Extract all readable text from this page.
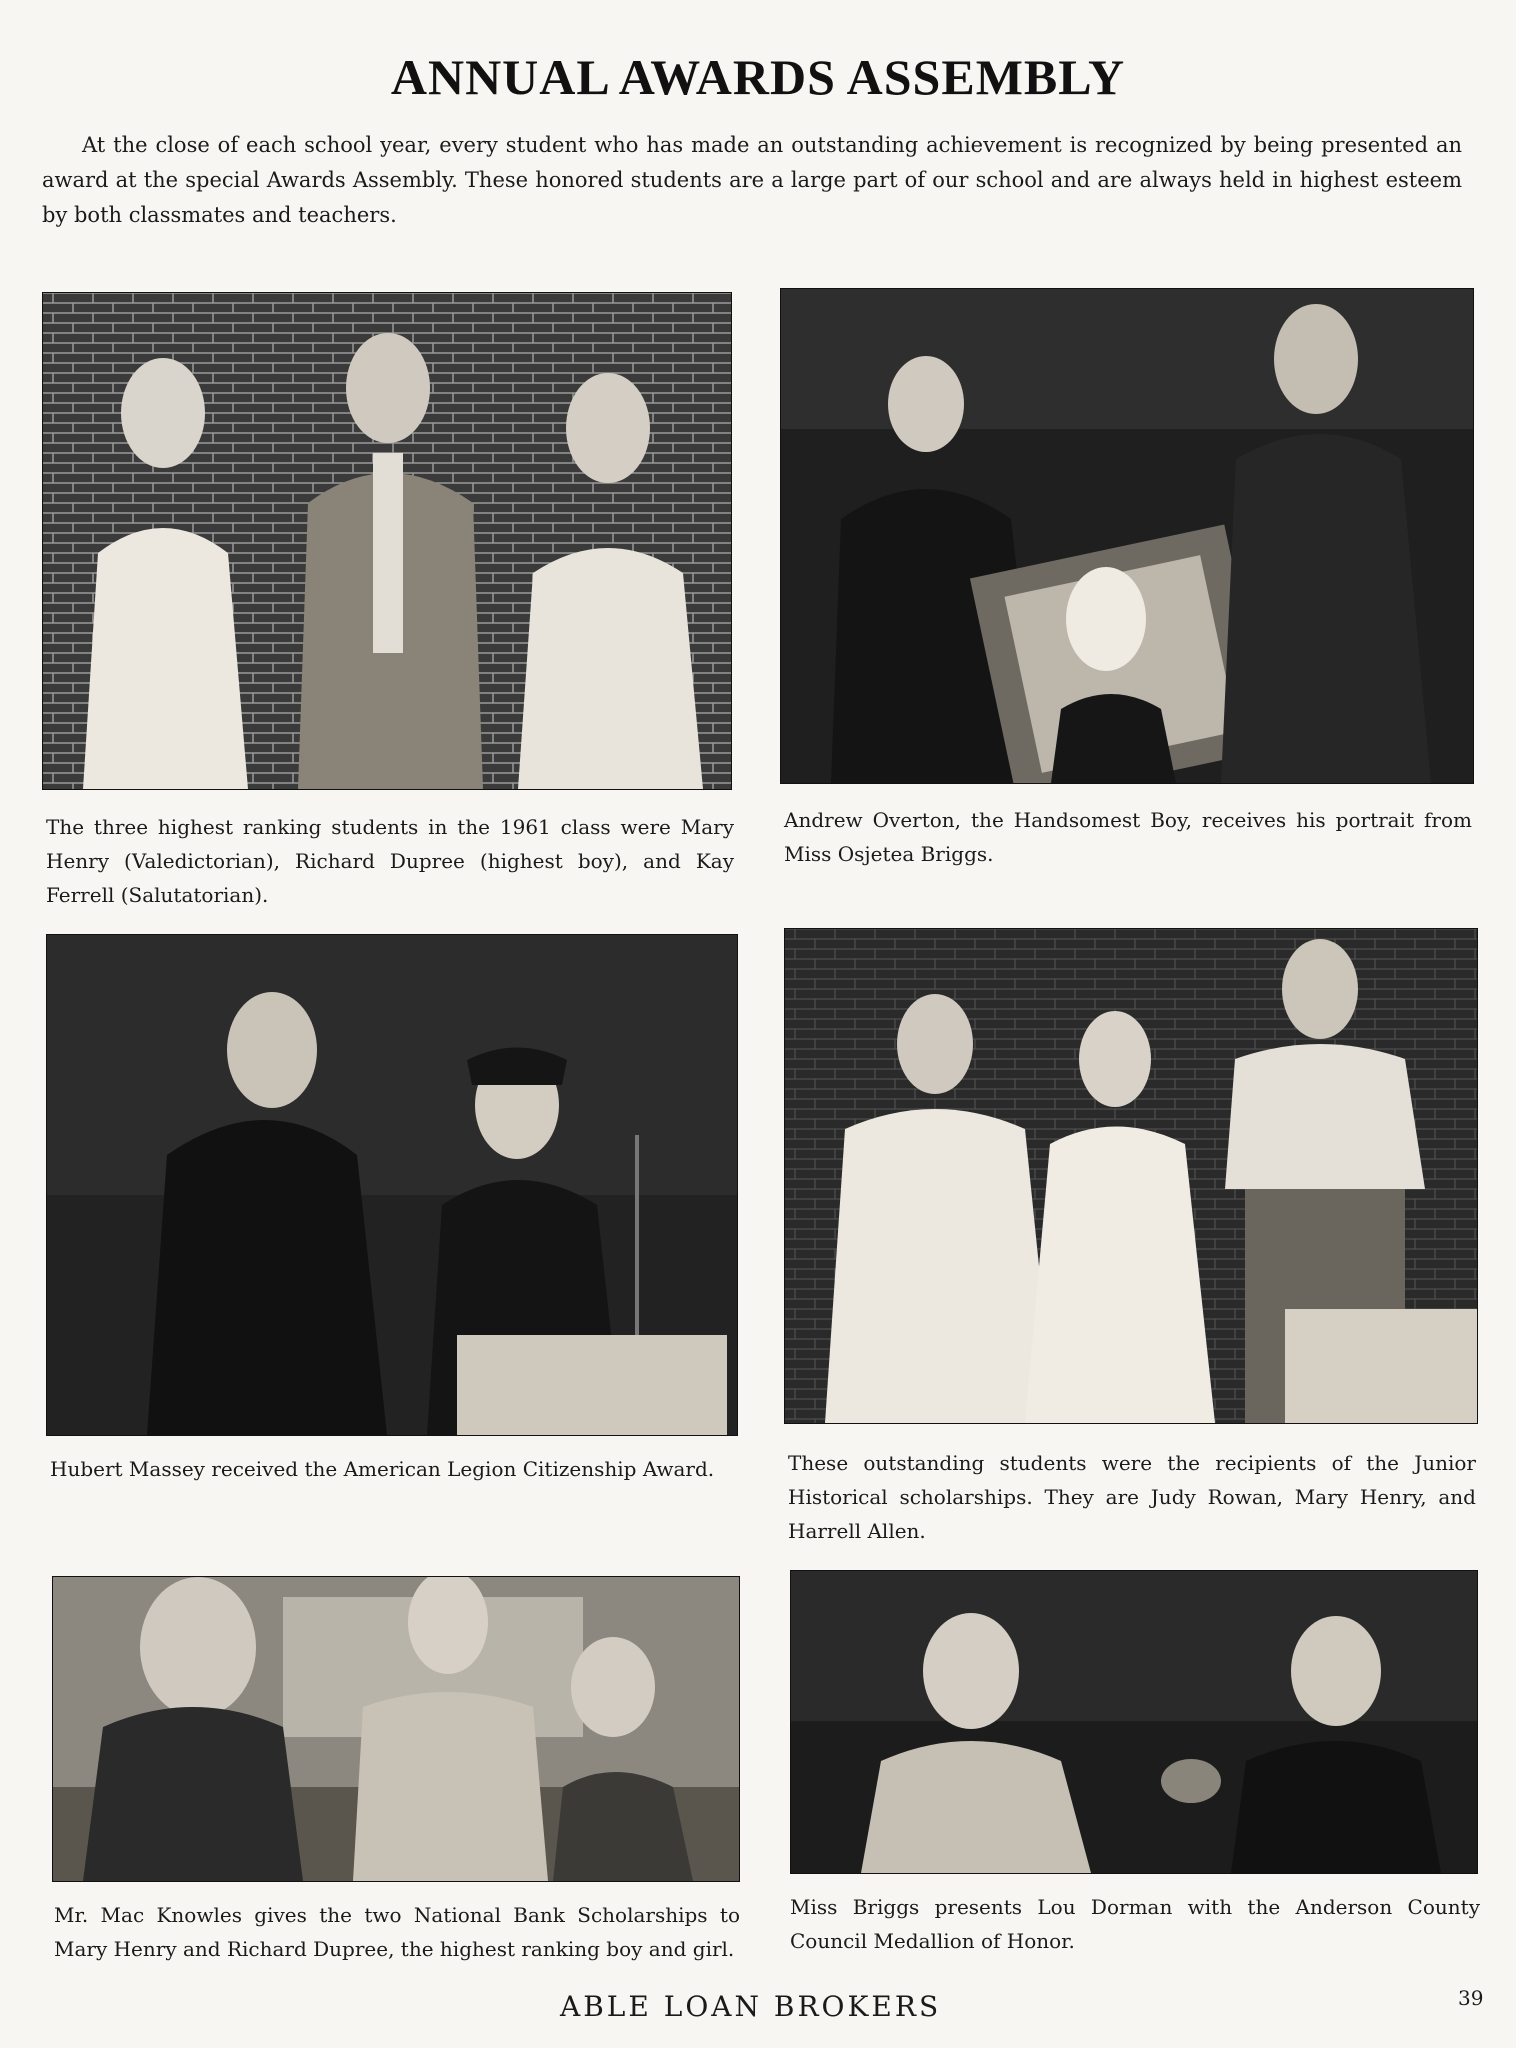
ANNUAL AWARDS ASSEMBLY
At the close of each school year, every student who has made an outstanding achievement is recognized by being presented an award at the special Awards Assembly. These honored students are a large part of our school and are always held in highest esteem by both classmates and teachers.
The three highest ranking students in the 1961 class were Mary Henry (Valedictorian), Richard Dupree (highest boy), and Kay Ferrell (Salutatorian).
Andrew Overton, the Handsomest Boy, receives his portrait from Miss Osjetea Briggs.
Hubert Massey received the American Legion Citizenship Award.	These outstanding students were the recipients of the Junior Historical scholarships. They are Judy Rowan, Mary Henry, and Harrell Allen.
Mr. Mac Knowles gives the two National Bank Scholarships to Mary Henry and Richard Dupree, the highest ranking boy and girl.
Miss Briggs presents Lou Dorman with the Anderson County Council Medallion of Honor.
ABLE LOAN BROKERS	39
